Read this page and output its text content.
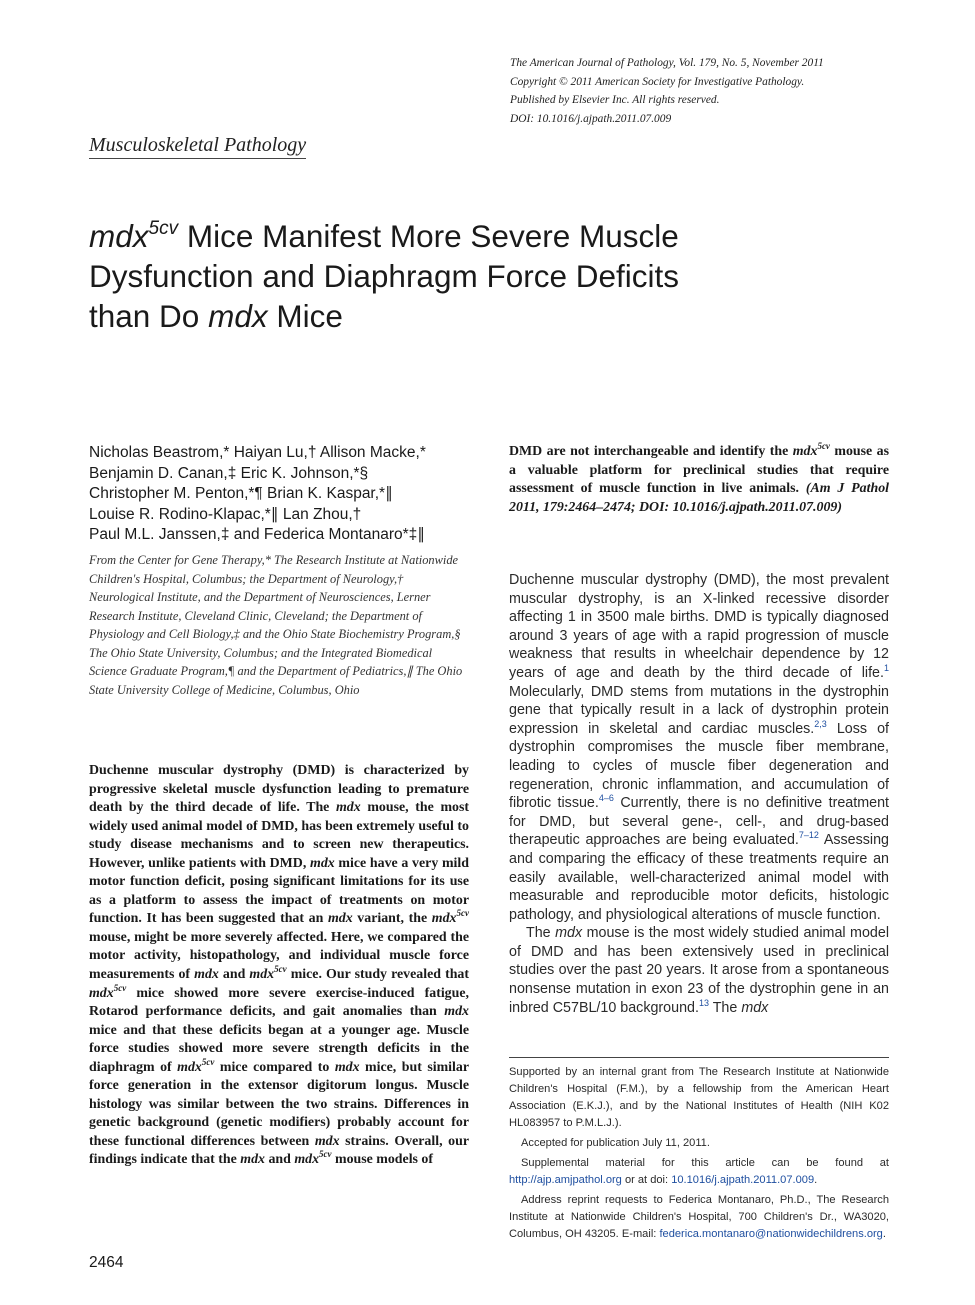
The American Journal of Pathology, Vol. 179, No. 5, November 2011
Copyright © 2011 American Society for Investigative Pathology.
Published by Elsevier Inc. All rights reserved.
DOI: 10.1016/j.ajpath.2011.07.009
Musculoskeletal Pathology
mdx$^{5cv}$ Mice Manifest More Severe Muscle
Dysfunction and Diaphragm Force Deficits
than Do mdx Mice
Nicholas Beastrom,* Haiyan Lu,† Allison Macke,*
Benjamin D. Canan,‡ Eric K. Johnson,*§
Christopher M. Penton,*¶ Brian K. Kaspar,*∥
Louise R. Rodino-Klapac,*∥ Lan Zhou,†
Paul M.L. Janssen,‡ and Federica Montanaro*‡∥
From the Center for Gene Therapy,* The Research Institute at Nationwide Children's Hospital, Columbus; the Department of Neurology,† Neurological Institute, and the Department of Neurosciences, Lerner Research Institute, Cleveland Clinic, Cleveland; the Department of Physiology and Cell Biology,‡ and the Ohio State Biochemistry Program,§ The Ohio State University, Columbus; and the Integrated Biomedical Science Graduate Program,¶ and the Department of Pediatrics,∥ The Ohio State University College of Medicine, Columbus, Ohio
Duchenne muscular dystrophy (DMD) is characterized by progressive skeletal muscle dysfunction leading to premature death by the third decade of life. The mdx mouse, the most widely used animal model of DMD, has been extremely useful to study disease mechanisms and to screen new therapeutics. However, unlike patients with DMD, mdx mice have a very mild motor function deficit, posing significant limitations for its use as a platform to assess the impact of treatments on motor function. It has been suggested that an mdx variant, the mdx$^{5cv}$ mouse, might be more severely affected. Here, we compared the motor activity, histopathology, and individual muscle force measurements of mdx and mdx$^{5cv}$ mice. Our study revealed that mdx$^{5cv}$ mice showed more severe exercise-induced fatigue, Rotarod performance deficits, and gait anomalies than mdx mice and that these deficits began at a younger age. Muscle force studies showed more severe strength deficits in the diaphragm of mdx$^{5cv}$ mice compared to mdx mice, but similar force generation in the extensor digitorum longus. Muscle histology was similar between the two strains. Differences in genetic background (genetic modifiers) probably account for these functional differences between mdx strains. Overall, our findings indicate that the mdx and mdx$^{5cv}$ mouse models of
DMD are not interchangeable and identify the mdx$^{5cv}$ mouse as a valuable platform for preclinical studies that require assessment of muscle function in live animals. (Am J Pathol 2011, 179:2464–2474; DOI: 10.1016/j.ajpath.2011.07.009)

Duchenne muscular dystrophy (DMD), the most prevalent muscular dystrophy, is an X-linked recessive disorder affecting 1 in 3500 male births. DMD is typically diagnosed around 3 years of age with a rapid progression of muscle weakness that results in wheelchair dependence by 12 years of age and death by the third decade of life.$^1$ Molecularly, DMD stems from mutations in the dystrophin gene that typically result in a lack of dystrophin protein expression in skeletal and cardiac muscles.$^{2,3}$ Loss of dystrophin compromises the muscle fiber membrane, leading to cycles of muscle fiber degeneration and regeneration, chronic inflammation, and accumulation of fibrotic tissue.$^{4-6}$ Currently, there is no definitive treatment for DMD, but several gene-, cell-, and drug-based therapeutic approaches are being evaluated.$^{7-12}$ Assessing and comparing the efficacy of these treatments require an easily available, well-characterized animal model with measurable and reproducible motor deficits, histologic pathology, and physiological alterations of muscle function.

The mdx mouse is the most widely studied animal model of DMD and has been extensively used in preclinical studies over the past 20 years. It arose from a spontaneous nonsense mutation in exon 23 of the dystrophin gene in an inbred C57BL/10 background.$^{13}$ The mdx

Supported by an internal grant from The Research Institute at Nationwide Children's Hospital (F.M.), by a fellowship from the American Heart Association (E.K.J.), and by the National Institutes of Health (NIH K02 HL083957 to P.M.L.J.).

Accepted for publication July 11, 2011.

Supplemental material for this article can be found at http://ajp.amjpathol.org or at doi: 10.1016/j.ajpath.2011.07.009.

Address reprint requests to Federica Montanaro, Ph.D., The Research Institute at Nationwide Children's Hospital, 700 Children's Dr., WA3020, Columbus, OH 43205. E-mail: federica.montanaro@nationwidechildrens.org.

2464
